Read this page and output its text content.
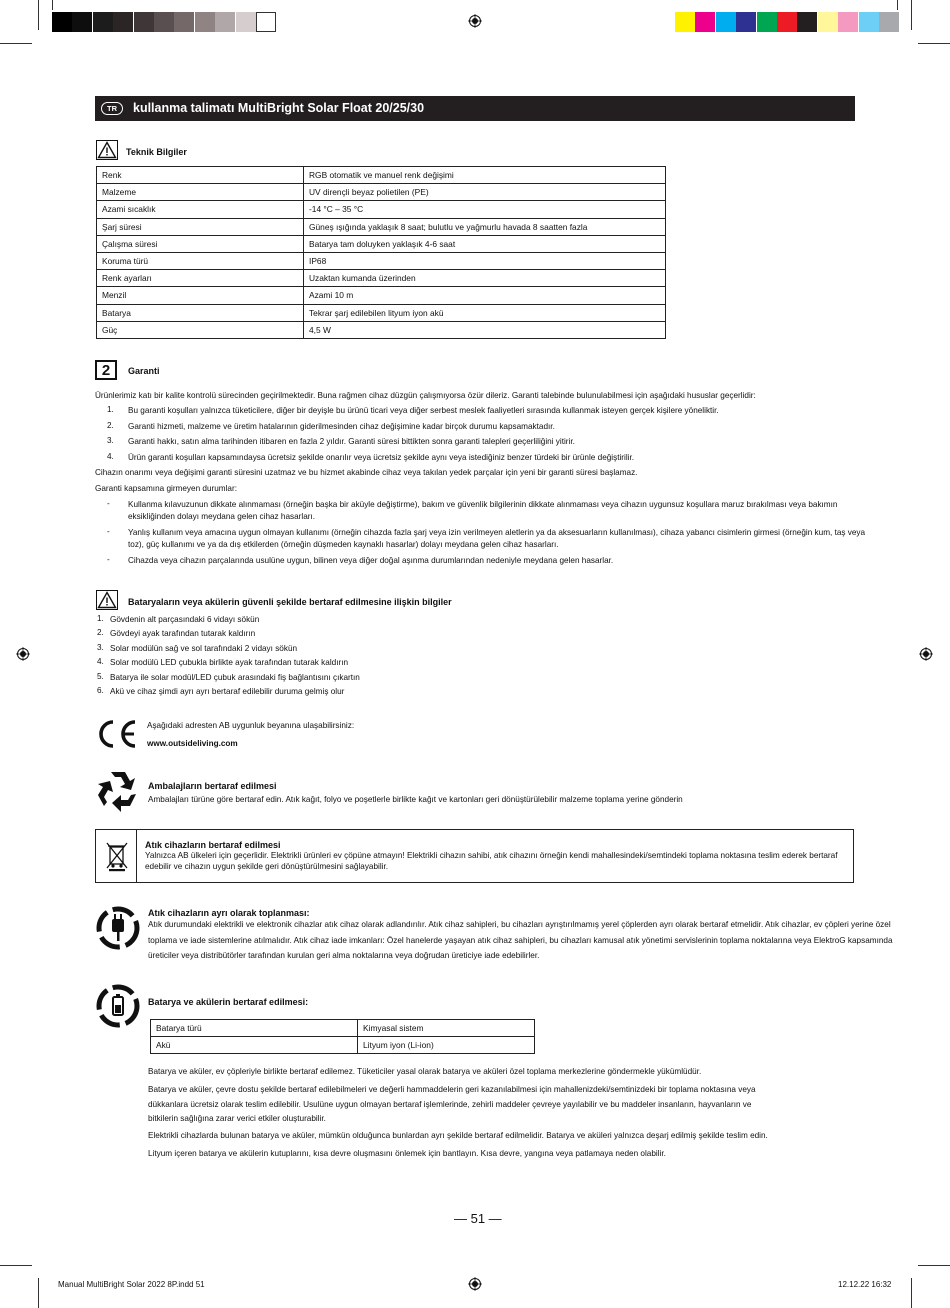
TR	kullanma talimatı MultiBright Solar Float 20/25/30
Teknik Bilgiler
Renk	RGB otomatik ve manuel renk değişimi
Malzeme	UV dirençli beyaz polietilen (PE)
Azami sıcaklık	-14 °C – 35 °C
Şarj süresi	Güneş ışığında yaklaşık 8 saat; bulutlu ve yağmurlu havada 8 saatten fazla
Çalışma süresi	Batarya tam doluyken yaklaşık 4-6 saat
Koruma türü	IP68
Renk ayarları	Uzaktan kumanda üzerinden
Menzil	Azami 10 m
Batarya	Tekrar şarj edilebilen lityum iyon akü
Güç	4,5 W
2	Garanti
Ürünlerimiz katı bir kalite kontrolü sürecinden geçirilmektedir. Buna rağmen cihaz düzgün çalışmıyorsa özür dileriz. Garanti talebinde bulunulabilmesi için aşağıdaki hususlar geçerlidir:
1. Bu garanti koşulları yalnızca tüketicilere, diğer bir deyişle bu ürünü ticari veya diğer serbest meslek faaliyetleri sırasında kullanmak isteyen gerçek kişilere yöneliktir.
2. Garanti hizmeti, malzeme ve üretim hatalarının giderilmesinden cihaz değişimine kadar birçok durumu kapsamaktadır.
3. Garanti hakkı, satın alma tarihinden itibaren en fazla 2 yıldır. Garanti süresi bittikten sonra garanti talepleri geçerliliğini yitirir.
4. Ürün garanti koşulları kapsamındaysa ücretsiz şekilde onarılır veya ücretsiz şekilde aynı veya istediğiniz benzer türdeki bir ürünle değiştirilir.
Cihazın onarımı veya değişimi garanti süresini uzatmaz ve bu hizmet akabinde cihaz veya takılan yedek parçalar için yeni bir garanti süresi başlamaz.
Garanti kapsamına girmeyen durumlar:
- Kullanma kılavuzunun dikkate alınmaması (örneğin başka bir aküyle değiştirme), bakım ve güvenlik bilgilerinin dikkate alınmaması veya cihazın uygunsuz koşullara maruz bırakılması veya bakımın
eksikliğinden dolayı meydana gelen cihaz hasarları.
- Yanlış kullanım veya amacına uygun olmayan kullanımı (örneğin cihazda fazla şarj veya izin verilmeyen aletlerin ya da aksesuarların kullanılması), cihaza yabancı cisimlerin girmesi (örneğin kum, taş veya
toz), güç kullanımı ve ya da dış etkilerden (örneğin düşmeden kaynaklı hasarlar) dolayı meydana gelen cihaz hasarları.
- Cihazda veya cihazın parçalarında usulüne uygun, bilinen veya diğer doğal aşınma durumlarından nedeniyle meydana gelen hasarlar.
Bataryaların veya akülerin güvenli şekilde bertaraf edilmesine ilişkin bilgiler
1. Gövdenin alt parçasındaki 6 vidayı sökün
2. Gövdeyi ayak tarafından tutarak kaldırın
3. Solar modülün sağ ve sol tarafındaki 2 vidayı sökün
4. Solar modülü LED çubukla birlikte ayak tarafından tutarak kaldırın
5. Batarya ile solar modül/LED çubuk arasındaki fiş bağlantısını çıkartın
6. Akü ve cihaz şimdi ayrı ayrı bertaraf edilebilir duruma gelmiş olur
Aşağıdaki adresten AB uygunluk beyanına ulaşabilirsiniz:
www.outsideliving.com
Ambalajların bertaraf edilmesi
Ambalajları türüne göre bertaraf edin. Atık kağıt, folyo ve poşetlerle birlikte kağıt ve kartonları geri dönüştürülebilir malzeme toplama yerine gönderin
Atık cihazların bertaraf edilmesi
Yalnızca AB ülkeleri için geçerlidir. Elektrikli ürünleri ev çöpüne atmayın! Elektrikli cihazın sahibi, atık cihazını örneğin kendi mahallesindeki/semtindeki toplama noktasına teslim ederek bertaraf
edebilir ve cihazın uygun şekilde geri dönüştürülmesini sağlayabilir.
Atık cihazların ayrı olarak toplanması:
Atık durumundaki elektrikli ve elektronik cihazlar atık cihaz olarak adlandırılır. Atık cihaz sahipleri, bu cihazları ayrıştırılmamış yerel çöplerden ayrı olarak bertaraf etmelidir. Atık cihazlar, ev çöpleri yerine özel
toplama ve iade sistemlerine atılmalıdır. Atık cihaz iade imkanları: Özel hanelerde yaşayan atık cihaz sahipleri, bu cihazları kamusal atık yönetimi servislerinin toplama noktalarına veya ElektroG kapsamında
üreticiler veya distribütörler tarafından kurulan geri alma noktalarına veya doğrudan üreticiye iade edebilirler.
Batarya ve akülerin bertaraf edilmesi:
Batarya türü	Kimyasal sistem
Akü	Lityum iyon (Li-ion)
Batarya ve aküler, ev çöpleriyle birlikte bertaraf edilemez. Tüketiciler yasal olarak batarya ve aküleri özel toplama merkezlerine göndermekle yükümlüdür.
Batarya ve aküler, çevre dostu şekilde bertaraf edilebilmeleri ve değerli hammaddelerin geri kazanılabilmesi için mahallenizdeki/semtinizdeki bir toplama noktasına veya
dükkanlara ücretsiz olarak teslim edilebilir. Usulüne uygun olmayan bertaraf işlemlerinde, zehirli maddeler çevreye yayılabilir ve bu maddeler insanların, hayvanların ve
bitkilerin sağlığına zarar verici etkiler oluşturabilir.
Elektrikli cihazlarda bulunan batarya ve aküler, mümkün olduğunca bunlardan ayrı şekilde bertaraf edilmelidir. Batarya ve aküleri yalnızca deşarj edilmiş şekilde teslim edin.
Lityum içeren batarya ve akülerin kutuplarını, kısa devre oluşmasını önlemek için bantlayın. Kısa devre, yangına veya patlamaya neden olabilir.
— 51 —
Manual MultiBright Solar 2022 8P.indd 51	12.12.22 16:32
